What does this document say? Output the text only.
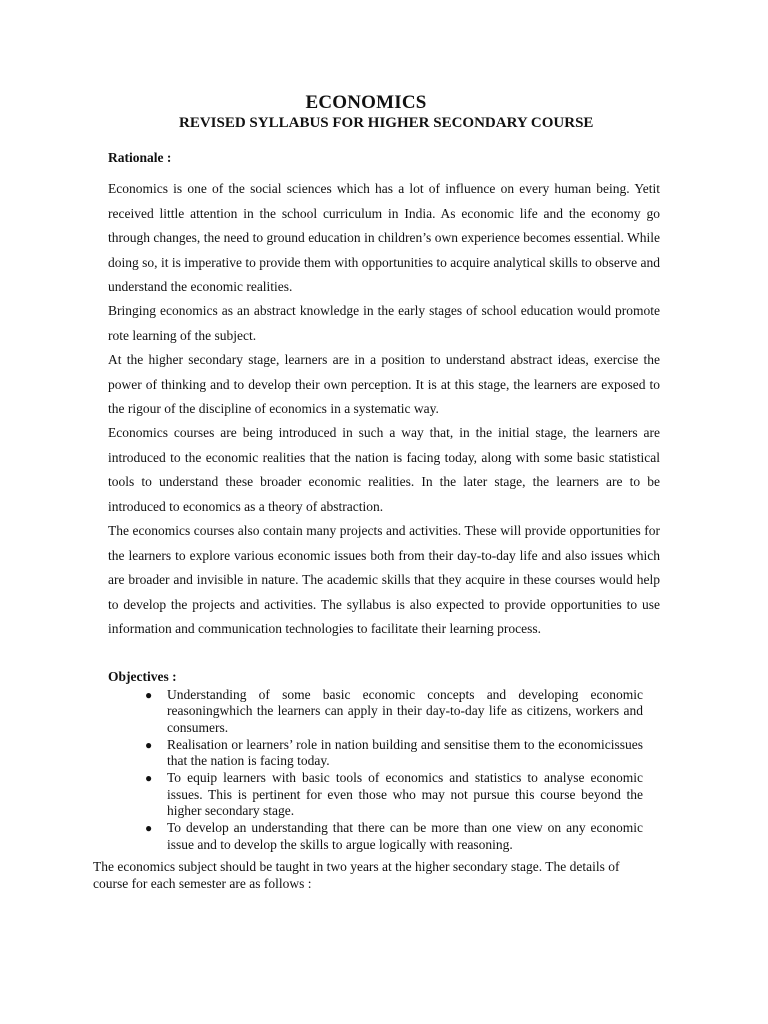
ECONOMICS
REVISED SYLLABUS FOR HIGHER SECONDARY COURSE
Rationale :
Economics is one of the social sciences which has a lot of influence on every human being. Yetit received little attention in the school curriculum in India. As economic life and the economy go through changes, the need to ground education in children’s own experience becomes essential. While doing so, it is imperative to provide them with opportunities to acquire analytical skills to observe and understand the economic realities.
Bringing economics as an abstract knowledge in the early stages of school education would promote rote learning of the subject.
At the higher secondary stage, learners are in a position to understand abstract ideas, exercise the power of thinking and to develop their own perception. It is at this stage, the learners are exposed to the rigour of the discipline of economics in a systematic way.
Economics courses are being introduced in such a way that, in the initial stage, the learners are introduced to the economic realities that the nation is facing today, along with some basic statistical tools to understand these broader economic realities. In the later stage, the learners are to be introduced to economics as a theory of abstraction.
The economics courses also contain many projects and activities. These will provide opportunities for the learners to explore various economic issues both from their day-to-day life and also issues which are broader and invisible in nature. The academic skills that they acquire in these courses would help to develop the projects and activities. The syllabus is also expected to provide opportunities to use information and communication technologies to facilitate their learning process.
Objectives :
● Understanding of some basic economic concepts and developing economic reasoningwhich the learners can apply in their day-to-day life as citizens, workers and consumers.
● Realisation or learners’ role in nation building and sensitise them to the economicissues that the nation is facing today.
● To equip learners with basic tools of economics and statistics to analyse economic issues. This is pertinent for even those who may not pursue this course beyond the higher secondary stage.
● To develop an understanding that there can be more than one view on any economic issue and to develop the skills to argue logically with reasoning.
The economics subject should be taught in two years at the higher secondary stage. The details of course for each semester are as follows :
